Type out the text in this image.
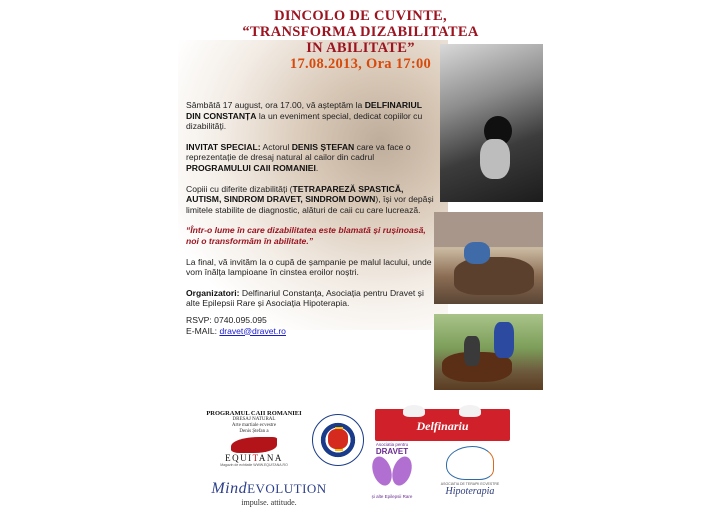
DINCOLO DE CUVINTE,
“TRANSFORMA DIZABILITATEA
IN ABILITATE”
17.08.2013, Ora 17:00

Sâmbătă 17 august, ora 17.00, vă așteptăm la DELFINARIUL DIN CONSTANȚA la un eveniment special, dedicat copiilor cu dizabilități.

INVITAT SPECIAL: Actorul DENIS ȘTEFAN care va face o reprezentație de dresaj natural al cailor din cadrul PROGRAMULUI CAII ROMANIEI.

Copiii cu diferite dizabilități (TETRAPAREZĂ SPASTICĂ, AUTISM, SINDROM DRAVET, SINDROM DOWN), își vor depăși limitele stabilite de diagnostic, alături de caii cu care lucrează.

“Într-o lume în care dizabilitatea este blamată și rușinoasă, noi o transformăm în abilitate.”

La final, vă invităm la o cupă de șampanie pe malul lacului, unde vom înălța lampioane în cinstea eroilor noștri.

Organizatori: Delfinariul Constanța, Asociația pentru Dravet și alte Epilepsii Rare și Asociația Hipoterapia.

RSVP: 0740.095.095
E-MAIL: dravet@dravet.ro
PROGRAMUL CAII ROMANIEI
DRESAJ NATURAL
Arte martiale ecvestre
Denis Ștefan a
EQUITANA
Magazin de echitatie WWW.EQUITANA.RO
Delfinariu
Asociatia pentru
DRAVET
și alte Epilepsii Rare
ASOCIATIA DE TERAPII ECVESTRE
Hipoterapia
MindEVOLUTION
impulse. attitude.
